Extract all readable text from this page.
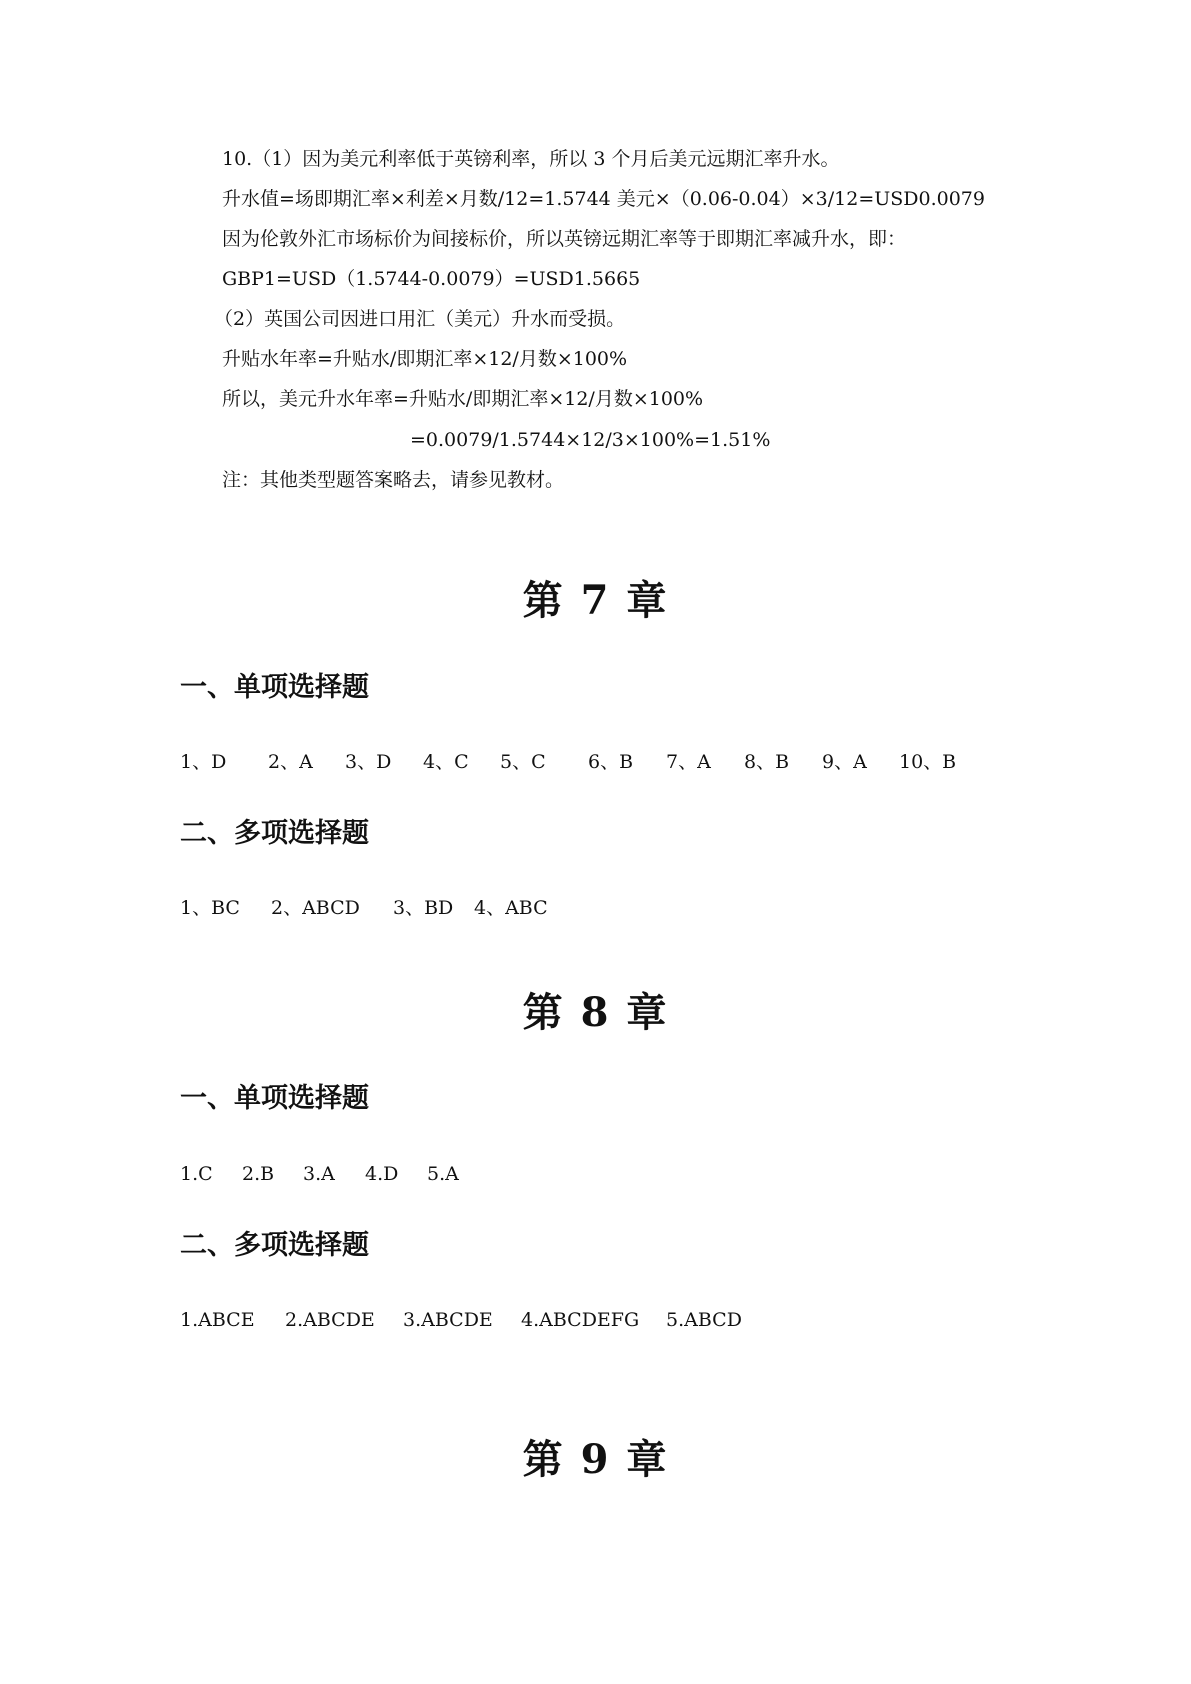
10.（1）因为美元利率低于英镑利率，所以 3 个月后美元远期汇率升水。
升水值=场即期汇率×利差×月数/12=1.5744 美元×（0.06-0.04）×3/12=USD0.0079
因为伦敦外汇市场标价为间接标价，所以英镑远期汇率等于即期汇率减升水，即：
GBP1=USD（1.5744-0.0079）=USD1.5665
（2）英国公司因进口用汇（美元）升水而受损。
升贴水年率=升贴水/即期汇率×12/月数×100%
所以，美元升水年率=升贴水/即期汇率×12/月数×100%
=0.0079/1.5744×12/3×100%=1.51%
注：其他类型题答案略去，请参见教材。
第 7 章
一、单项选择题
1、D 2、A 3、D 4、C 5、C 6、B 7、A 8、B 9、A 10、B
二、多项选择题
1、BC 2、ABCD 3、BD 4、ABC
第 8 章
一、单项选择题
1.C 2.B 3.A 4.D 5.A
二、多项选择题
1.ABCE 2.ABCDE 3.ABCDE 4.ABCDEFG 5.ABCD
第 9 章
